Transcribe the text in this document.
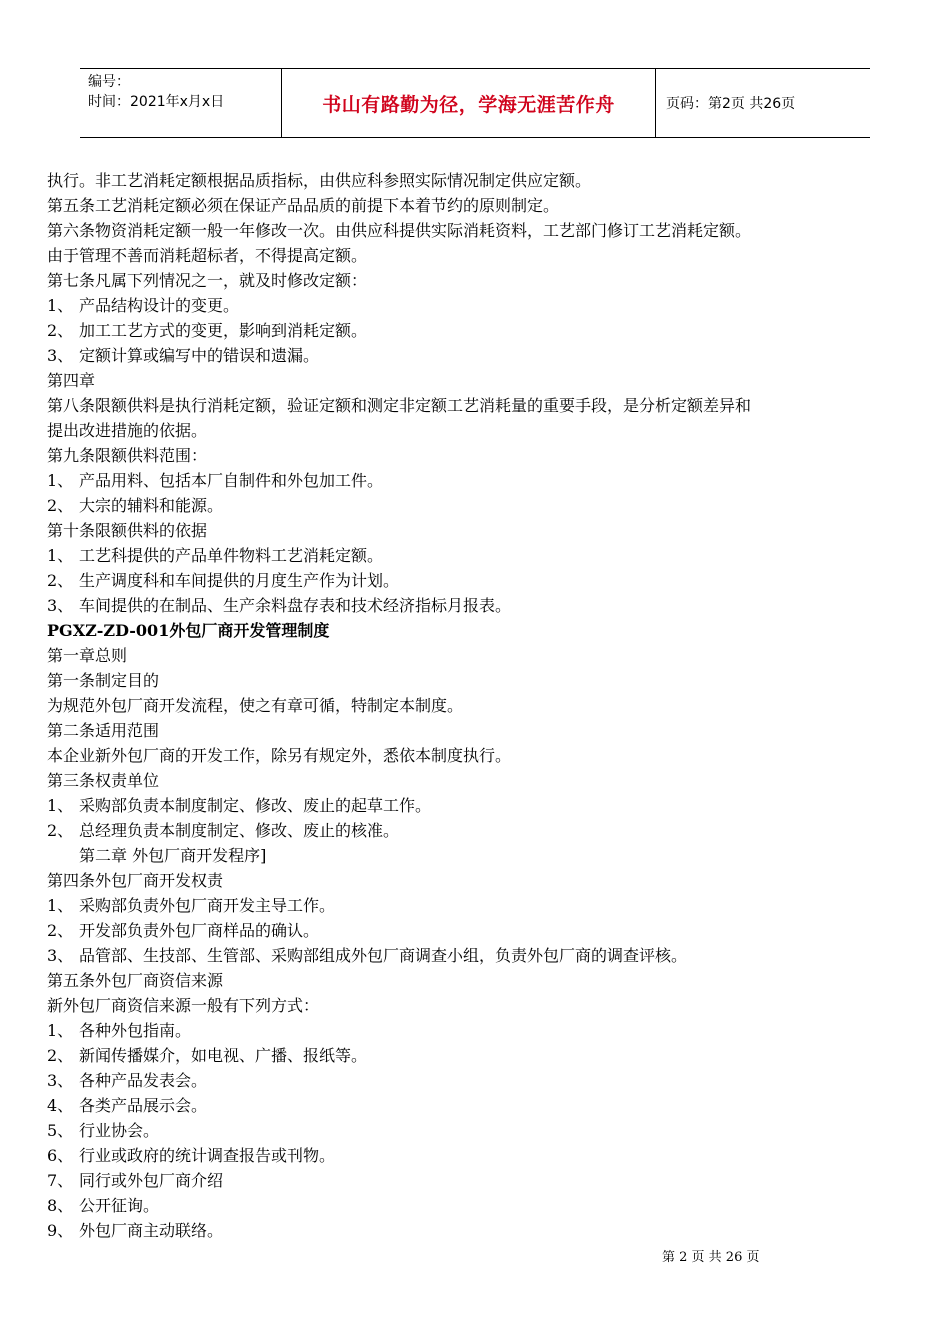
编号：
时间：2021年x月x日	书山有路勤为径，学海无涯苦作舟	页码：第2页 共26页
执行。非工艺消耗定额根据品质指标，由供应科参照实际情况制定供应定额。
第五条工艺消耗定额必须在保证产品品质的前提下本着节约的原则制定。
第六条物资消耗定额一般一年修改一次。由供应科提供实际消耗资料，工艺部门修订工艺消耗定额。
由于管理不善而消耗超标者，不得提高定额。
第七条凡属下列情况之一，就及时修改定额：
1、 产品结构设计的变更。
2、 加工工艺方式的变更，影响到消耗定额。
3、 定额计算或编写中的错误和遗漏。
第四章
第八条限额供料是执行消耗定额，验证定额和测定非定额工艺消耗量的重要手段，是分析定额差异和
提出改进措施的依据。
第九条限额供料范围：
1、 产品用料、包括本厂自制件和外包加工件。
2、 大宗的辅料和能源。
第十条限额供料的依据
1、 工艺科提供的产品单件物料工艺消耗定额。
2、 生产调度科和车间提供的月度生产作为计划。
3、 车间提供的在制品、生产余料盘存表和技术经济指标月报表。
PGXZ-ZD-001外包厂商开发管理制度
第一章总则
第一条制定目的
为规范外包厂商开发流程，使之有章可循，特制定本制度。
第二条适用范围
本企业新外包厂商的开发工作，除另有规定外，悉依本制度执行。
第三条权责单位
1、 采购部负责本制度制定、修改、废止的起草工作。
2、 总经理负责本制度制定、修改、废止的核准。
第二章 外包厂商开发程序]
第四条外包厂商开发权责
1、 采购部负责外包厂商开发主导工作。
2、 开发部负责外包厂商样品的确认。
3、 品管部、生技部、生管部、采购部组成外包厂商调查小组，负责外包厂商的调查评核。
第五条外包厂商资信来源
新外包厂商资信来源一般有下列方式：
1、 各种外包指南。
2、 新闻传播媒介，如电视、广播、报纸等。
3、 各种产品发表会。
4、 各类产品展示会。
5、 行业协会。
6、 行业或政府的统计调查报告或刊物。
7、 同行或外包厂商介绍
8、 公开征询。
9、 外包厂商主动联络。
第 2 页 共 26 页
